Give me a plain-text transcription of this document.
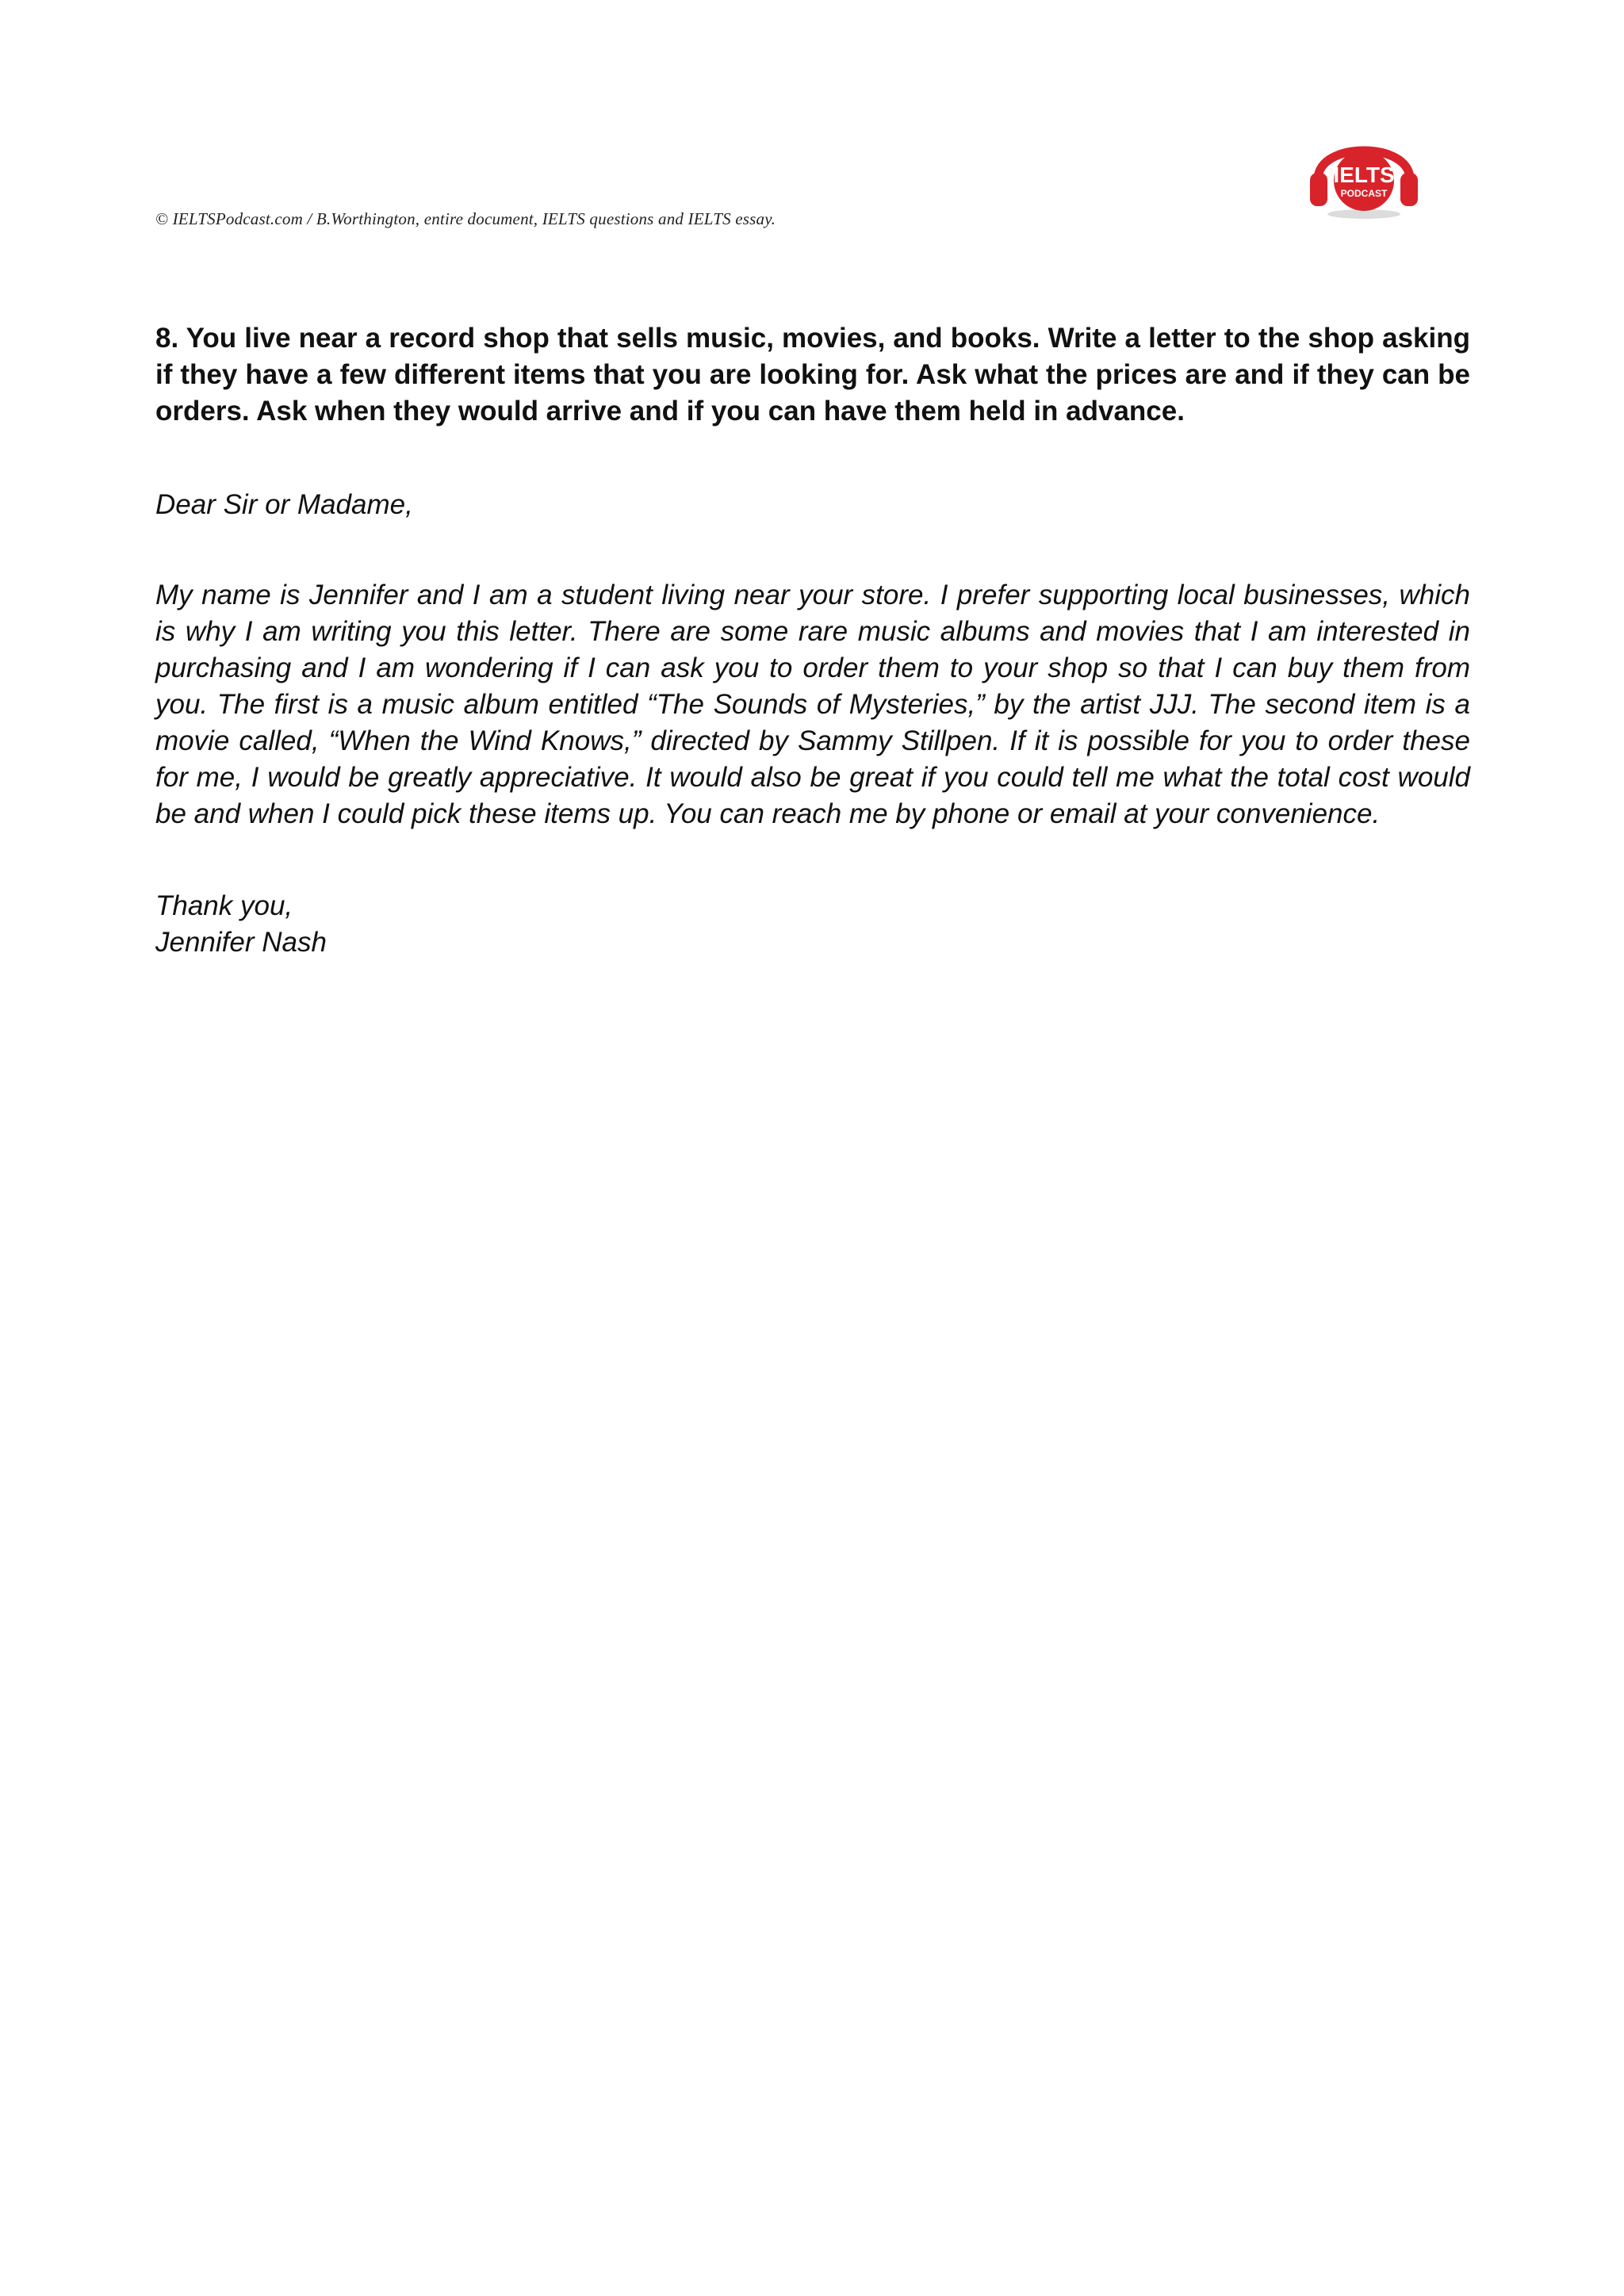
© IELTSPodcast.com / B.Worthington, entire document, IELTS questions and IELTS essay.
IELTS
PODCAST
8. You live near a record shop that sells music, movies, and books. Write a letter to the shop asking if they have a few different items that you are looking for. Ask what the prices are and if they can be orders. Ask when they would arrive and if you can have them held in advance.
Dear Sir or Madame,
My name is Jennifer and I am a student living near your store. I prefer supporting local businesses, which is why I am writing you this letter. There are some rare music albums and movies that I am interested in purchasing and I am wondering if I can ask you to order them to your shop so that I can buy them from you. The first is a music album entitled “The Sounds of Mysteries,” by the artist JJJ. The second item is a movie called, “When the Wind Knows,” directed by Sammy Stillpen. If it is possible for you to order these for me, I would be greatly appreciative. It would also be great if you could tell me what the total cost would be and when I could pick these items up. You can reach me by phone or email at your convenience.
Thank you,
Jennifer Nash
